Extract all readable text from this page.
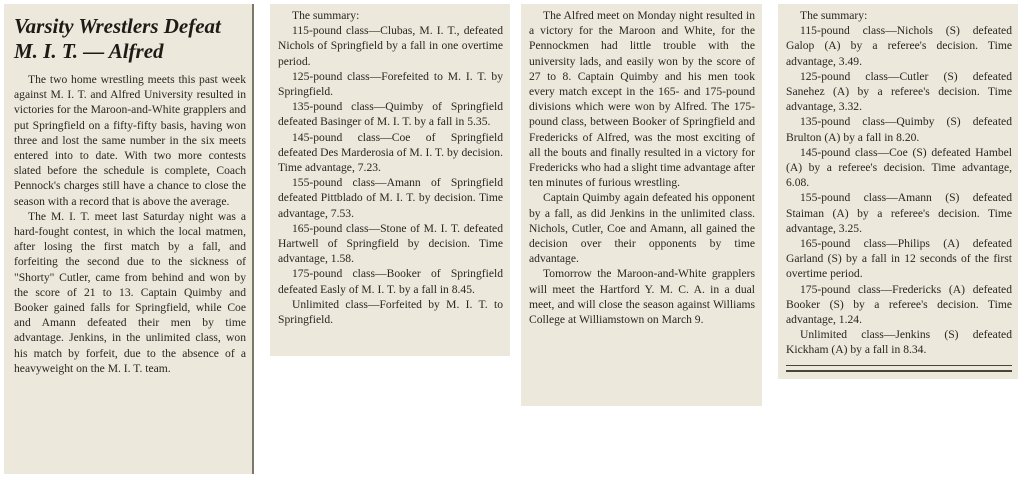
Varsity Wrestlers Defeat M. I. T. — Alfred

The two home wrestling meets this past week against M. I. T. and Alfred University resulted in victories for the Maroon-and-White grapplers and put Springfield on a fifty-fifty basis, having won three and lost the same number in the six meets entered into to date. With two more contests slated before the schedule is complete, Coach Pennock's charges still have a chance to close the season with a record that is above the average.

The M. I. T. meet last Saturday night was a hard-fought contest, in which the local matmen, after losing the first match by a fall, and forfeiting the second due to the sickness of "Shorty" Cutler, came from behind and won by the score of 21 to 13. Captain Quimby and Booker gained falls for Springfield, while Coe and Amann defeated their men by time advantage. Jenkins, in the unlimited class, won his match by forfeit, due to the absence of a heavyweight on the M. I. T. team.

The summary:

115-pound class—Clubas, M. I. T., defeated Nichols of Springfield by a fall in one overtime period.

125-pound class—Forefeited to M. I. T. by Springfield.

135-pound class—Quimby of Springfield defeated Basinger of M. I. T. by a fall in 5.35.

145-pound class—Coe of Springfield defeated Des Marderosia of M. I. T. by decision. Time advantage, 7.23.

155-pound class—Amann of Springfield defeated Pittblado of M. I. T. by decision. Time advantage, 7.53.

165-pound class—Stone of M. I. T. defeated Hartwell of Springfield by decision. Time advantage, 1.58.

175-pound class—Booker of Springfield defeated Easly of M. I. T. by a fall in 8.45.

Unlimited class—Forfeited by M. I. T. to Springfield.

The Alfred meet on Monday night resulted in a victory for the Maroon and White, for the Pennockmen had little trouble with the university lads, and easily won by the score of 27 to 8. Captain Quimby and his men took every match except in the 165- and 175-pound divisions which were won by Alfred. The 175-pound class, between Booker of Springfield and Fredericks of Alfred, was the most exciting of all the bouts and finally resulted in a victory for Fredericks who had a slight time advantage after ten minutes of furious wrestling.

Captain Quimby again defeated his opponent by a fall, as did Jenkins in the unlimited class. Nichols, Cutler, Coe and Amann, all gained the decision over their opponents by time advantage.

Tomorrow the Maroon-and-White grapplers will meet the Hartford Y. M. C. A. in a dual meet, and will close the season against Williams College at Williamstown on March 9.

The summary:

115-pound class—Nichols (S) defeated Galop (A) by a referee's decision. Time advantage, 3.49.

125-pound class—Cutler (S) defeated Sanehez (A) by a referee's decision. Time advantage, 3.32.

135-pound class—Quimby (S) defeated Brulton (A) by a fall in 8.20.

145-pound class—Coe (S) defeated Hambel (A) by a referee's decision. Time advantage, 6.08.

155-pound class—Amann (S) defeated Staiman (A) by a referee's decision. Time advantage, 3.25.

165-pound class—Philips (A) defeated Garland (S) by a fall in 12 seconds of the first overtime period.

175-pound class—Fredericks (A) defeated Booker (S) by a referee's decision. Time advantage, 1.24.

Unlimited class—Jenkins (S) defeated Kickham (A) by a fall in 8.34.
